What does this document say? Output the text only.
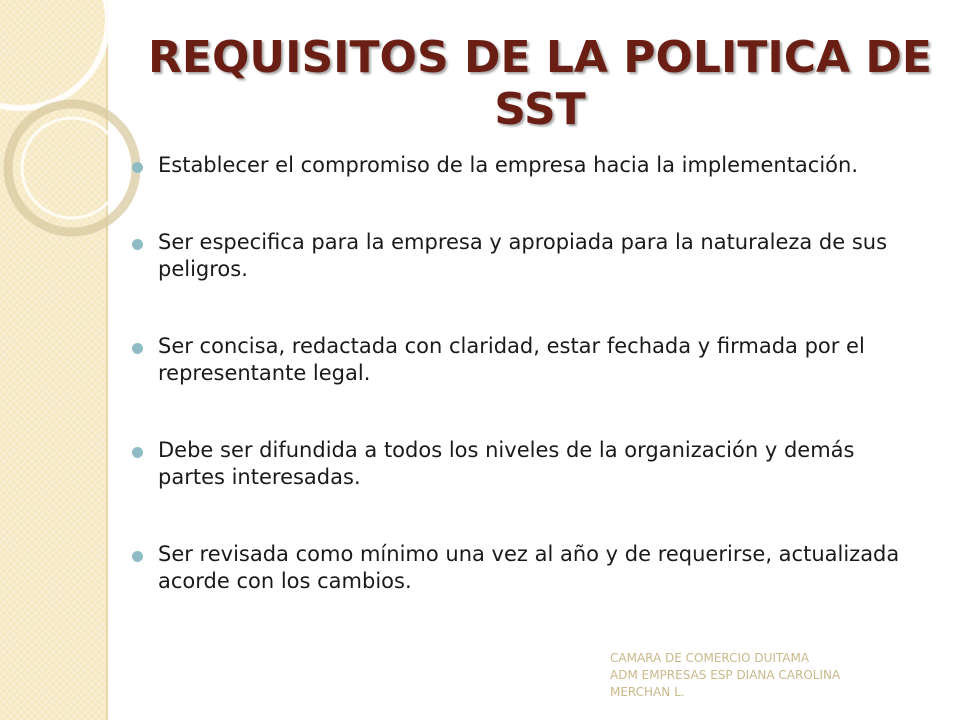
REQUISITOS DE LA POLITICA DE SST
Establecer el compromiso de la empresa hacia la implementación.
Ser especifica para la empresa y apropiada para la naturaleza de sus peligros.
Ser concisa, redactada con claridad, estar fechada y firmada por el representante legal.
Debe ser difundida a todos los niveles de la organización y demás partes interesadas.
Ser revisada como mínimo una vez al año y de requerirse, actualizada acorde con los cambios.
CAMARA DE COMERCIO DUITAMA
ADM EMPRESAS ESP DIANA CAROLINA
MERCHAN L.
